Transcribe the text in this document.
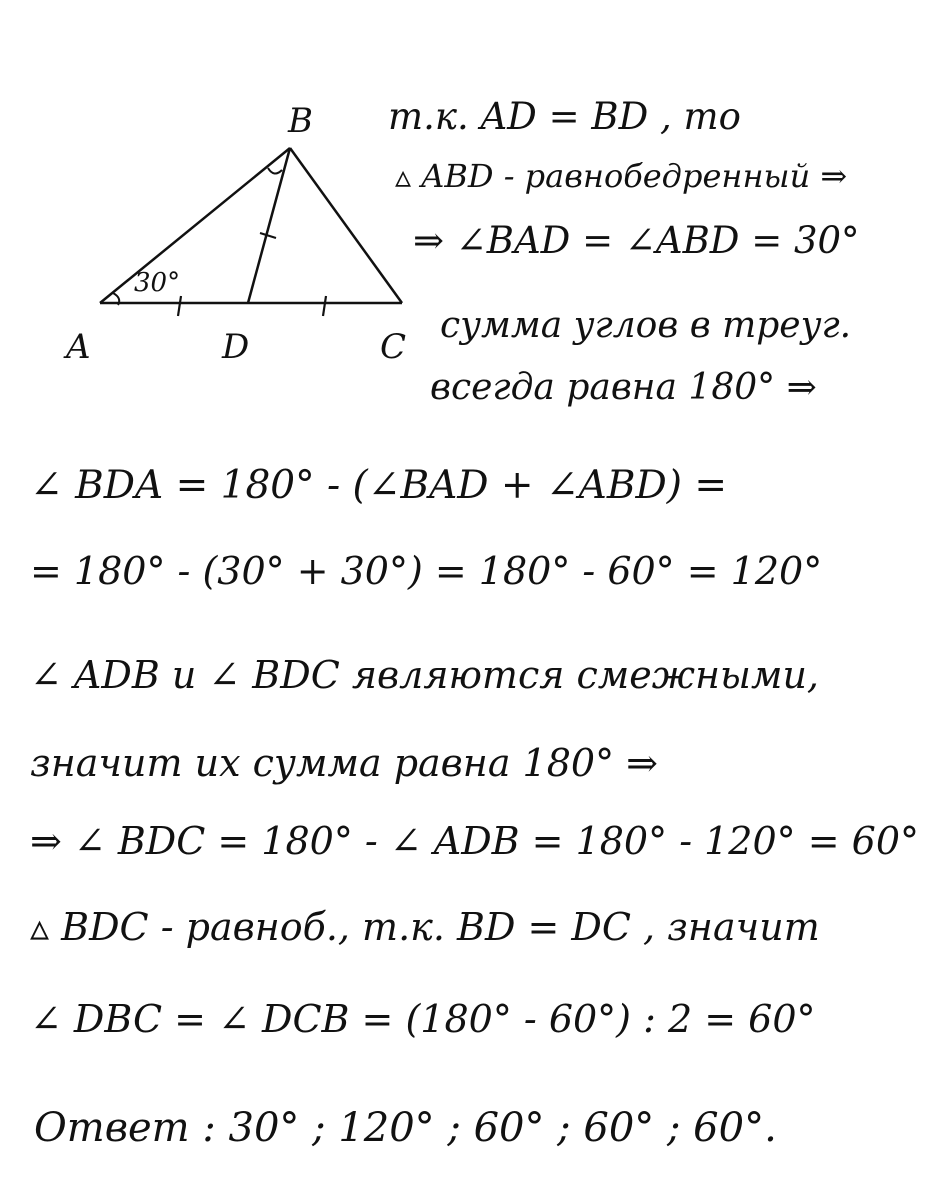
B
A	D	C
30°
т.к. AD = BD , то
▵ ABD - равнобедренный ⇒
⇒ ∠BAD = ∠ABD = 30°
сумма углов в треуг.
всегда равна 180° ⇒
∠ BDA = 180° - (∠BAD + ∠ABD) =
= 180° - (30° + 30°) = 180° - 60° = 120°
∠ ADB и ∠ BDC являются смежными,
значит их сумма равна 180° ⇒
⇒ ∠ BDC = 180° - ∠ ADB = 180° - 120° = 60°
▵ BDC - равноб., т.к. BD = DC , значит
∠ DBC = ∠ DCB = (180° - 60°) : 2 = 60°
Ответ : 30° ; 120° ; 60° ; 60° ; 60°.
